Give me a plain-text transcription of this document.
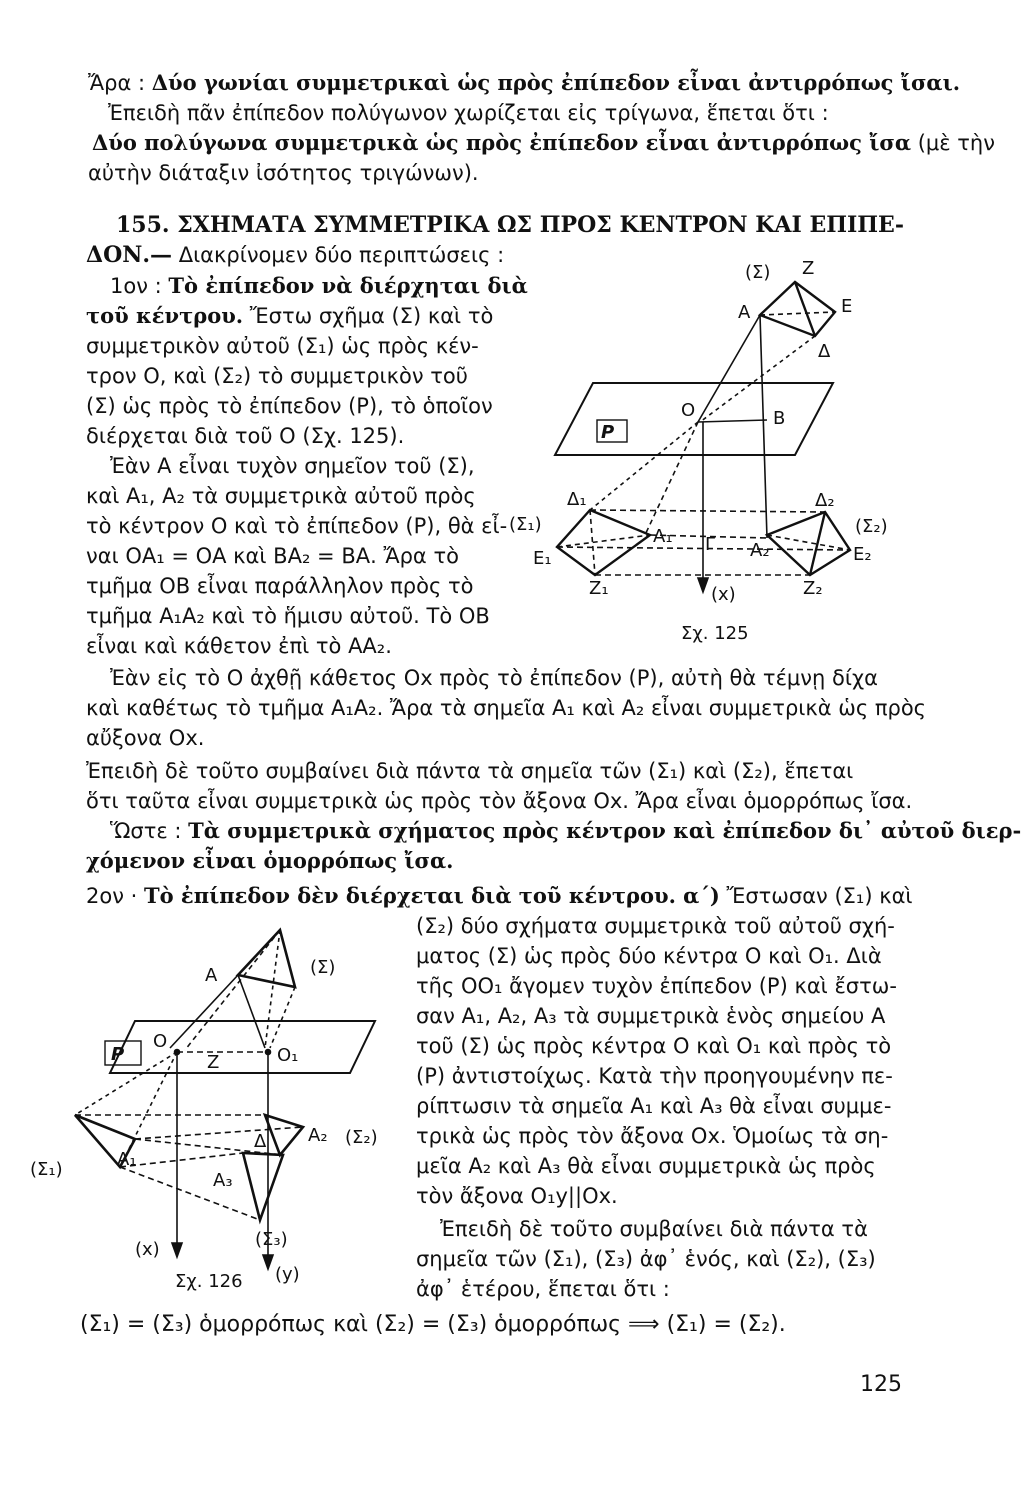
Ἄρα : Δύο γωνίαι συμμετρικαὶ ὡς πρὸς ἐπίπεδον εἶναι ἀντιρρόπως ἴσαι.
Ἐπειδὴ πᾶν ἐπίπεδον πολύγωνον χωρίζεται εἰς τρίγωνα, ἕπεται ὅτι :
Δύο πολύγωνα συμμετρικὰ ὡς πρὸς ἐπίπεδον εἶναι ἀντιρρόπως ἴσα (μὲ τὴν
αὐτὴν διάταξιν ἰσότητος τριγώνων).
155. ΣΧΗΜΑΤΑ ΣΥΜΜΕΤΡΙΚΑ ΩΣ ΠΡΟΣ ΚΕΝΤΡΟΝ ΚΑΙ ΕΠΙΠΕ-
ΔΟΝ.— Διακρίνομεν δύο περιπτώσεις :
1ον : Τὸ ἐπίπεδον νὰ διέρχηται διὰ
τοῦ κέντρου. Ἔστω σχῆμα (Σ) καὶ τὸ
συμμετρικὸν αὐτοῦ (Σ₁) ὡς πρὸς κέν-
τρον Ο, καὶ (Σ₂) τὸ συμμετρικὸν τοῦ
(Σ) ὡς πρὸς τὸ ἐπίπεδον (Ρ), τὸ ὁποῖον
διέρχεται διὰ τοῦ Ο (Σχ. 125).
Ἐὰν Α εἶναι τυχὸν σημεῖον τοῦ (Σ),
καὶ Α₁, Α₂ τὰ συμμετρικὰ αὐτοῦ πρὸς
τὸ κέντρον Ο καὶ τὸ ἐπίπεδον (Ρ), θὰ εἶ-
ναι ΟΑ₁ = ΟΑ καὶ ΒΑ₂ = ΒΑ. Ἄρα τὸ
τμῆμα ΟΒ εἶναι παράλληλον πρὸς τὸ
τμῆμα Α₁Α₂ καὶ τὸ ἥμισυ αὐτοῦ. Τὸ ΟΒ
εἶναι καὶ κάθετον ἐπὶ τὸ ΑΑ₂.
(Σ) Ζ
Α	Ε
Δ
Ρ
Ο	Β
Δ₁	Δ₂
(Σ₁)	(Σ₂)
Α₁ Γ Α₂
Ε₁	Ε₂
Ζ₁	Ζ₂
(x)
Σχ. 125
Ἐὰν εἰς τὸ Ο ἀχθῇ κάθετος Οx πρὸς τὸ ἐπίπεδον (Ρ), αὐτὴ θὰ τέμνῃ δίχα
καὶ καθέτως τὸ τμῆμα Α₁Α₂. Ἄρα τὰ σημεῖα Α₁ καὶ Α₂ εἶναι συμμετρικὰ ὡς πρὸς
αὔξονα Οx.
Ἐπειδὴ δὲ τοῦτο συμβαίνει διὰ πάντα τὰ σημεῖα τῶν (Σ₁) καὶ (Σ₂), ἕπεται
ὅτι ταῦτα εἶναι συμμετρικὰ ὡς πρὸς τὸν ἄξονα Οx. Ἄρα εἶναι ὁμορρόπως ἴσα.
Ὥστε : Τὰ συμμετρικὰ σχήματος πρὸς κέντρον καὶ ἐπίπεδον δι᾽ αὐτοῦ διερ-
χόμενον εἶναι ὁμορρόπως ἴσα.
2ον · Τὸ ἐπίπεδον δὲν διέρχεται διὰ τοῦ κέντρου. α΄) Ἔστωσαν (Σ₁) καὶ
(Σ₂) δύο σχήματα συμμετρικὰ τοῦ αὐτοῦ σχή-
ματος (Σ) ὡς πρὸς δύο κέντρα Ο καὶ Ο₁. Διὰ
τῆς ΟΟ₁ ἄγομεν τυχὸν ἐπίπεδον (Ρ) καὶ ἔστω-
σαν Α₁, Α₂, Α₃ τὰ συμμετρικὰ ἑνὸς σημείου Α
τοῦ (Σ) ὡς πρὸς κέντρα Ο καὶ Ο₁ καὶ πρὸς τὸ
(Ρ) ἀντιστοίχως. Κατὰ τὴν προηγουμένην πε-
ρίπτωσιν τὰ σημεῖα Α₁ καὶ Α₃ θὰ εἶναι συμμε-
τρικὰ ὡς πρὸς τὸν ἄξονα Οx. Ὁμοίως τὰ ση-
μεῖα Α₂ καὶ Α₃ θὰ εἶναι συμμετρικὰ ὡς πρὸς
τὸν ἄξονα Ο₁y||Οx.
Ἐπειδὴ δὲ τοῦτο συμβαίνει διὰ πάντα τὰ
σημεῖα τῶν (Σ₁), (Σ₃) ἀφ᾽ ἑνός, καὶ (Σ₂), (Σ₃)
ἀφ᾽ ἑτέρου, ἕπεται ὅτι :
Α	(Σ)
Ρ
Ο
Ζ	Ο₁
Α₂ (Σ₂)
Δ
(Σ₁)	Α₁
Α₃
(x)	(Σ₃)
(y)
Σχ. 126
(Σ₁) = (Σ₃) ὁμορρόπως καὶ (Σ₂) = (Σ₃) ὁμορρόπως ⟹ (Σ₁) = (Σ₂).
125
